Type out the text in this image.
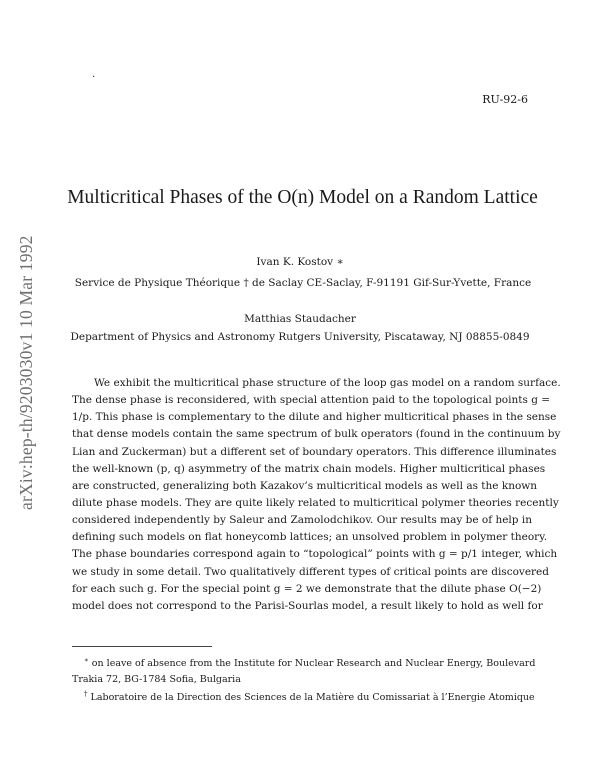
.
RU-92-6
arXiv:hep-th/9203030v1 10 Mar 1992
Multicritical Phases of the O(n) Model on a Random Lattice
Ivan K. Kostov ∗
Service de Physique Théorique † de Saclay CE-Saclay, F-91191 Gif-Sur-Yvette, France
Matthias Staudacher
Department of Physics and Astronomy Rutgers University, Piscataway, NJ 08855-0849
We exhibit the multicritical phase structure of the loop gas model on a random surface.
The dense phase is reconsidered, with special attention paid to the topological points g =
1/p. This phase is complementary to the dilute and higher multicritical phases in the sense
that dense models contain the same spectrum of bulk operators (found in the continuum by
Lian and Zuckerman) but a different set of boundary operators. This difference illuminates
the well-known (p, q) asymmetry of the matrix chain models. Higher multicritical phases
are constructed, generalizing both Kazakov’s multicritical models as well as the known
dilute phase models. They are quite likely related to multicritical polymer theories recently
considered independently by Saleur and Zamolodchikov. Our results may be of help in
defining such models on flat honeycomb lattices; an unsolved problem in polymer theory.
The phase boundaries correspond again to “topological” points with g = p/1 integer, which
we study in some detail. Two qualitatively different types of critical points are discovered
for each such g. For the special point g = 2 we demonstrate that the dilute phase O(−2)
model does not correspond to the Parisi-Sourlas model, a result likely to hold as well for
∗ on leave of absence from the Institute for Nuclear Research and Nuclear Energy, Boulevard
Trakia 72, BG-1784 Sofia, Bulgaria
† Laboratoire de la Direction des Sciences de la Matière du Comissariat à l’Energie Atomique
